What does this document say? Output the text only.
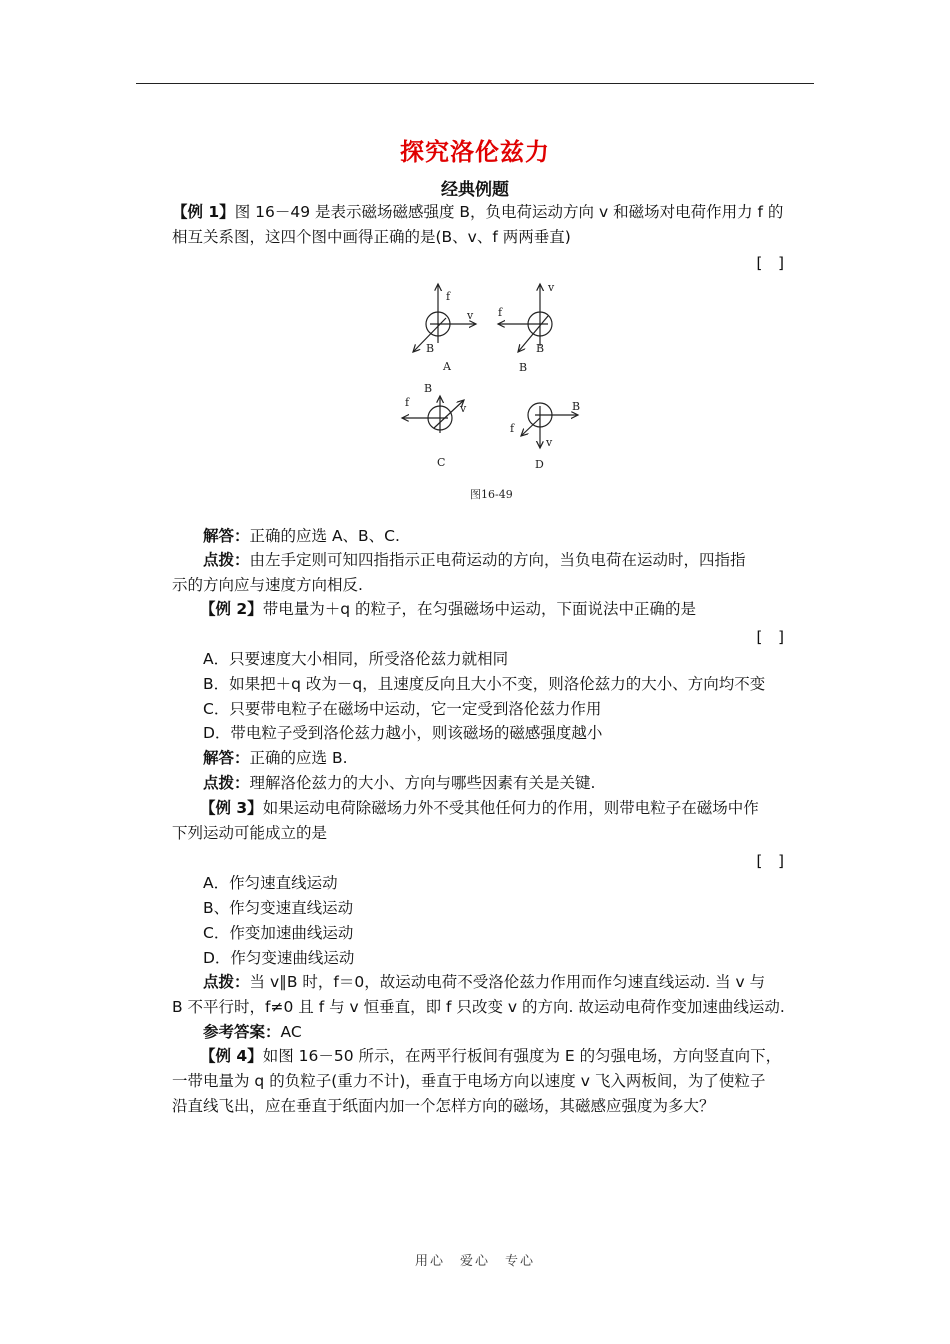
探究洛伦兹力
经典例题
【例 1】图 16－49 是表示磁场磁感强度 B，负电荷运动方向 v 和磁场对电荷作用力 f 的
相互关系图，这四个图中画得正确的是(B、v、f 两两垂直)
[　]
f
v
B
A
v
f
B
B
B
f	v
C
B
f
v
D
图16-49
解答：正确的应选 A、B、C.
点拨：由左手定则可知四指指示正电荷运动的方向，当负电荷在运动时，四指指
示的方向应与速度方向相反.
【例 2】带电量为＋q 的粒子，在匀强磁场中运动，下面说法中正确的是
[　]
A．只要速度大小相同，所受洛伦兹力就相同
B．如果把＋q 改为－q，且速度反向且大小不变，则洛伦兹力的大小、方向均不变
C．只要带电粒子在磁场中运动，它一定受到洛伦兹力作用
D．带电粒子受到洛伦兹力越小，则该磁场的磁感强度越小
解答：正确的应选 B.
点拨：理解洛伦兹力的大小、方向与哪些因素有关是关键.
【例 3】如果运动电荷除磁场力外不受其他任何力的作用，则带电粒子在磁场中作
下列运动可能成立的是
[　]
A．作匀速直线运动
B、作匀变速直线运动
C．作变加速曲线运动
D．作匀变速曲线运动
点拨：当 v∥B 时，f＝0，故运动电荷不受洛伦兹力作用而作匀速直线运动. 当 v 与
B 不平行时，f≠0 且 f 与 v 恒垂直，即 f 只改变 v 的方向. 故运动电荷作变加速曲线运动.
参考答案：AC
【例 4】如图 16－50 所示，在两平行板间有强度为 E 的匀强电场，方向竖直向下，
一带电量为 q 的负粒子(重力不计)，垂直于电场方向以速度 v 飞入两板间，为了使粒子
沿直线飞出，应在垂直于纸面内加一个怎样方向的磁场，其磁感应强度为多大？
用心　爱心　专心
